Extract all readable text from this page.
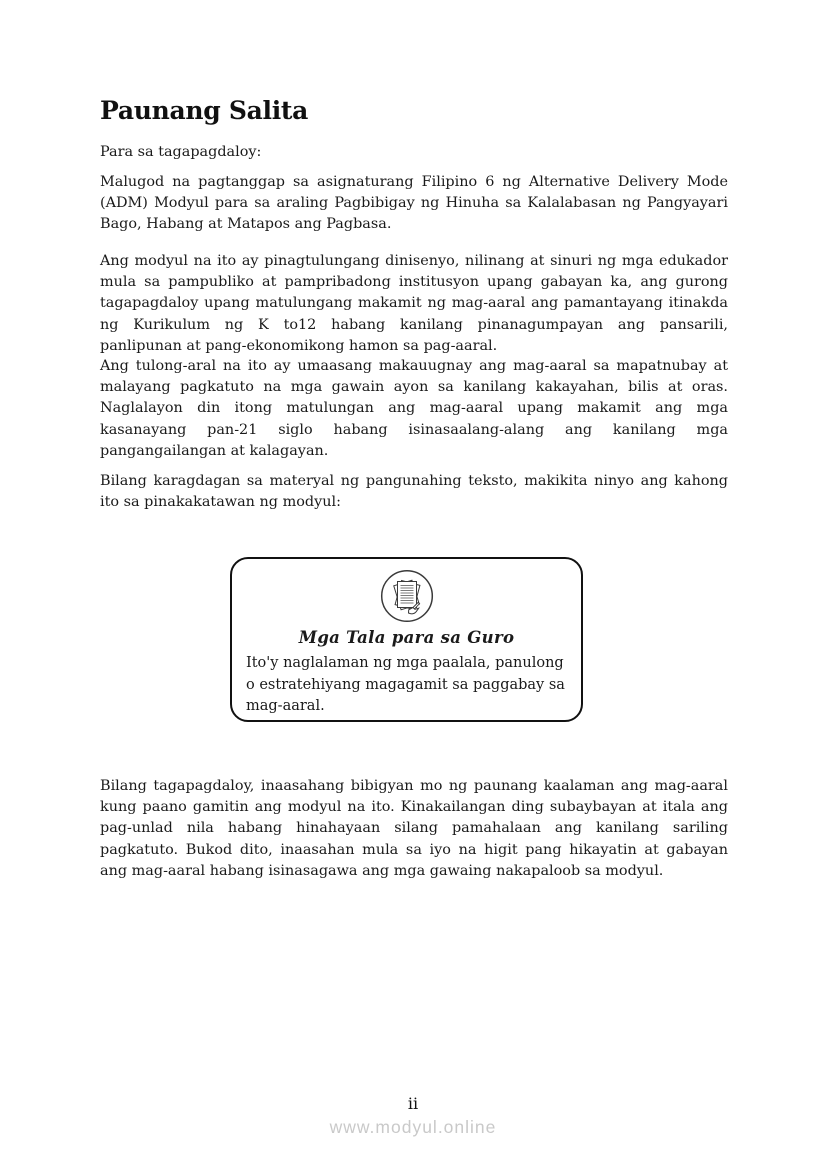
Paunang Salita
Para sa tagapagdaloy:
Malugod na pagtanggap sa asignaturang Filipino 6 ng Alternative Delivery Mode
(ADM) Modyul para sa araling Pagbibigay ng Hinuha sa Kalalabasan ng Pangyayari
Bago, Habang at Matapos ang Pagbasa.
Ang modyul na ito ay pinagtulungang dinisenyo, nilinang at sinuri ng mga edukador
mula sa pampubliko at pampribadong institusyon upang gabayan ka, ang gurong
tagapagdaloy upang matulungang makamit ng mag-aaral ang pamantayang itinakda
ng Kurikulum ng K to12 habang kanilang pinanagumpayan ang pansarili,
panlipunan at pang-ekonomikong hamon sa pag-aaral.
Ang tulong-aral na ito ay umaasang makauugnay ang mag-aaral sa mapatnubay at
malayang pagkatuto na mga gawain ayon sa kanilang kakayahan, bilis at oras.
Naglalayon din itong matulungan ang mag-aaral upang makamit ang mga
kasanayang pan-21 siglo habang isinasaalang-alang ang kanilang mga
pangangailangan at kalagayan.
Bilang karagdagan sa materyal ng pangunahing teksto, makikita ninyo ang kahong
ito sa pinakakatawan ng modyul:
Mga Tala para sa Guro
Ito'y naglalaman ng mga paalala, panulong
o estratehiyang magagamit sa paggabay sa
mag-aaral.
Bilang tagapagdaloy, inaasahang bibigyan mo ng paunang kaalaman ang mag-aaral
kung paano gamitin ang modyul na ito. Kinakailangan ding subaybayan at itala ang
pag-unlad nila habang hinahayaan silang pamahalaan ang kanilang sariling
pagkatuto. Bukod dito, inaasahan mula sa iyo na higit pang hikayatin at gabayan
ang mag-aaral habang isinasagawa ang mga gawaing nakapaloob sa modyul.
ii
www.modyul.online
